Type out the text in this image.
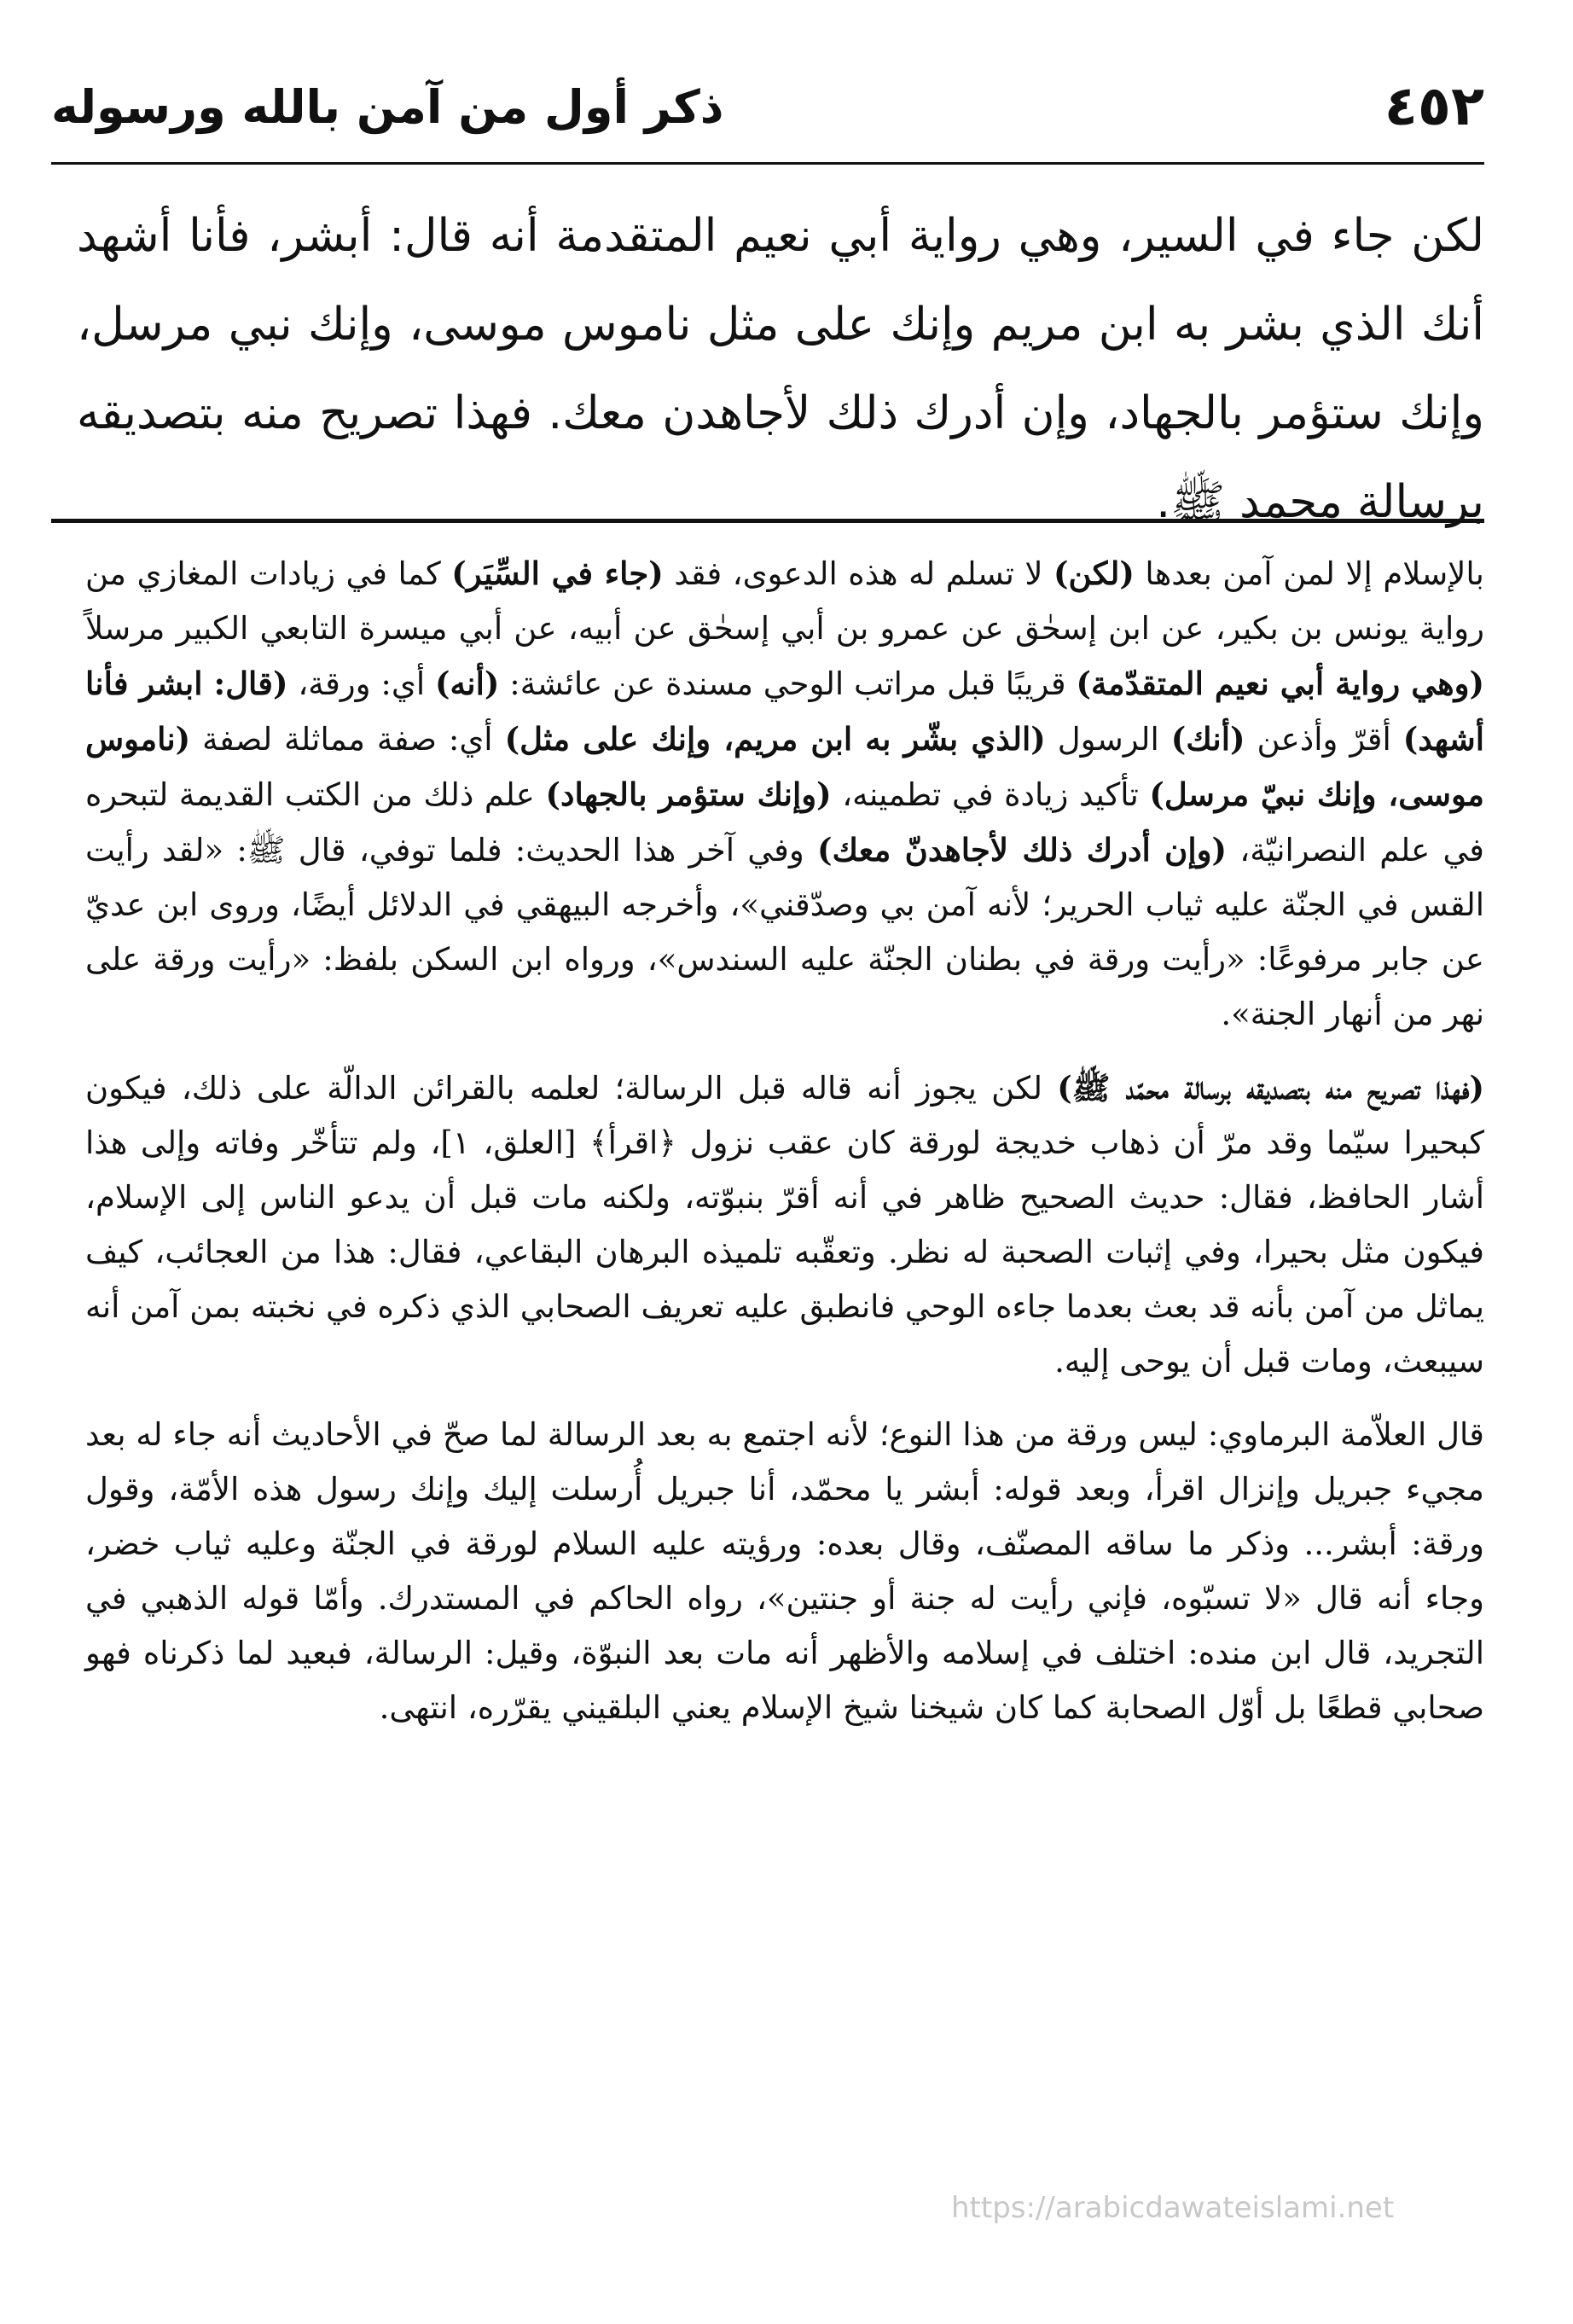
٤٥٢
ذكر أول من آمن بالله ورسوله
لكن جاء في السير، وهي رواية أبي نعيم المتقدمة أنه قال: أبشر، فأنا أشهد أنك الذي بشر به ابن مريم وإنك على مثل ناموس موسى، وإنك نبي مرسل، وإنك ستؤمر بالجهاد، وإن أدرك ذلك لأجاهدن معك. فهذا تصريح منه بتصديقه برسالة محمد ﷺ.

بالإسلام إلا لمن آمن بعدها (لكن) لا تسلم له هذه الدعوى، فقد (جاء في السِّيَر) كما في زيادات المغازي من رواية يونس بن بكير، عن ابن إسحٰق عن عمرو بن أبي إسحٰق عن أبيه، عن أبي ميسرة التابعي الكبير مرسلاً (وهي رواية أبي نعيم المتقدّمة) قريبًا قبل مراتب الوحي مسندة عن عائشة: (أنه) أي: ورقة، (قال: ابشر فأنا أشهد) أقرّ وأذعن (أنك) الرسول (الذي بشّر به ابن مريم، وإنك على مثل) أي: صفة مماثلة لصفة (ناموس موسى، وإنك نبيّ مرسل) تأكيد زيادة في تطمينه، (وإنك ستؤمر بالجهاد) علم ذلك من الكتب القديمة لتبحره في علم النصرانيّة، (وإن أدرك ذلك لأجاهدنّ معك) وفي آخر هذا الحديث: فلما توفي، قال ﷺ: «لقد رأيت القس في الجنّة عليه ثياب الحرير؛ لأنه آمن بي وصدّقني»، وأخرجه البيهقي في الدلائل أيضًا، وروى ابن عديّ عن جابر مرفوعًا: «رأيت ورقة في بطنان الجنّة عليه السندس»، ورواه ابن السكن بلفظ: «رأيت ورقة على نهر من أنهار الجنة».

(فهذا تصريح منه بتصديقه برسالة محمّد ﷺ) لكن يجوز أنه قاله قبل الرسالة؛ لعلمه بالقرائن الدالّة على ذلك، فيكون كبحيرا سيّما وقد مرّ أن ذهاب خديجة لورقة كان عقب نزول ﴿اقرأ﴾ [العلق، ١]، ولم تتأخّر وفاته وإلى هذا أشار الحافظ، فقال: حديث الصحيح ظاهر في أنه أقرّ بنبوّته، ولكنه مات قبل أن يدعو الناس إلى الإسلام، فيكون مثل بحيرا، وفي إثبات الصحبة له نظر. وتعقّبه تلميذه البرهان البقاعي، فقال: هذا من العجائب، كيف يماثل من آمن بأنه قد بعث بعدما جاءه الوحي فانطبق عليه تعريف الصحابي الذي ذكره في نخبته بمن آمن أنه سيبعث، ومات قبل أن يوحى إليه.

قال العلاّمة البرماوي: ليس ورقة من هذا النوع؛ لأنه اجتمع به بعد الرسالة لما صحّ في الأحاديث أنه جاء له بعد مجيء جبريل وإنزال اقرأ، وبعد قوله: أبشر يا محمّد، أنا جبريل أُرسلت إليك وإنك رسول هذه الأمّة، وقول ورقة: أبشر... وذكر ما ساقه المصنّف، وقال بعده: ورؤيته عليه السلام لورقة في الجنّة وعليه ثياب خضر، وجاء أنه قال «لا تسبّوه، فإني رأيت له جنة أو جنتين»، رواه الحاكم في المستدرك. وأمّا قوله الذهبي في التجريد، قال ابن منده: اختلف في إسلامه والأظهر أنه مات بعد النبوّة، وقيل: الرسالة، فبعيد لما ذكرناه فهو صحابي قطعًا بل أوّل الصحابة كما كان شيخنا شيخ الإسلام يعني البلقيني يقرّره، انتهى.

https://arabicdawateislami.net
